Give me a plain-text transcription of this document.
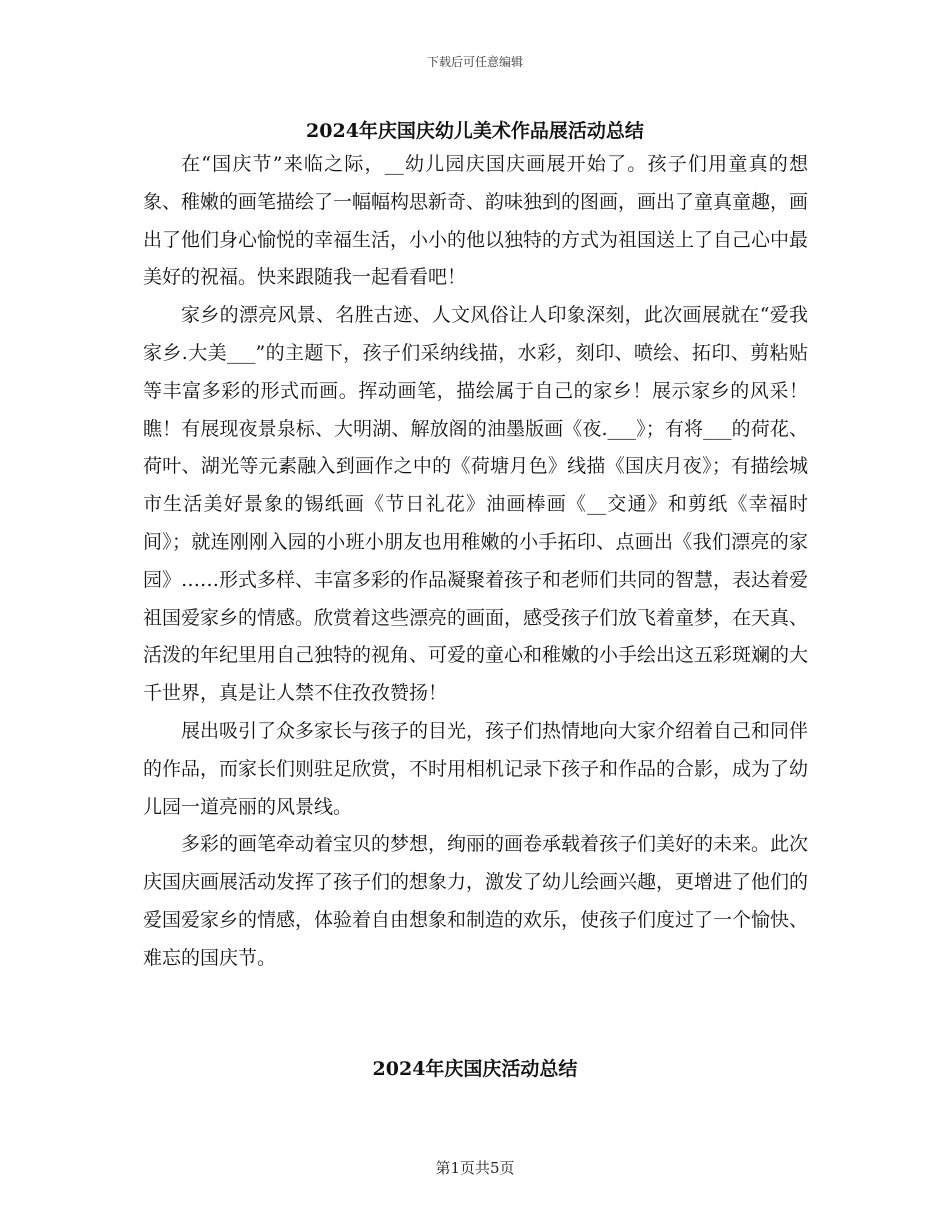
下载后可任意编辑
2024年庆国庆幼儿美术作品展活动总结

在“国庆节”来临之际，__幼儿园庆国庆画展开始了。孩子们用童真的想象、稚嫩的画笔描绘了一幅幅构思新奇、韵味独到的图画，画出了童真童趣，画出了他们身心愉悦的幸福生活，小小的他以独特的方式为祖国送上了自己心中最美好的祝福。快来跟随我一起看看吧！

家乡的漂亮风景、名胜古迹、人文风俗让人印象深刻，此次画展就在“爱我家乡.大美___”的主题下，孩子们采纳线描，水彩，刻印、喷绘、拓印、剪粘贴等丰富多彩的形式而画。挥动画笔，描绘属于自己的家乡！展示家乡的风采！瞧！有展现夜景泉标、大明湖、解放阁的油墨版画《夜.___》；有将___的荷花、荷叶、湖光等元素融入到画作之中的《荷塘月色》线描《国庆月夜》；有描绘城市生活美好景象的锡纸画《节日礼花》油画棒画《__交通》和剪纸《幸福时间》；就连刚刚入园的小班小朋友也用稚嫩的小手拓印、点画出《我们漂亮的家园》……形式多样、丰富多彩的作品凝聚着孩子和老师们共同的智慧，表达着爱祖国爱家乡的情感。欣赏着这些漂亮的画面，感受孩子们放飞着童梦，在天真、活泼的年纪里用自己独特的视角、可爱的童心和稚嫩的小手绘出这五彩斑斓的大千世界，真是让人禁不住孜孜赞扬！

展出吸引了众多家长与孩子的目光，孩子们热情地向大家介绍着自己和同伴的作品，而家长们则驻足欣赏，不时用相机记录下孩子和作品的合影，成为了幼儿园一道亮丽的风景线。

多彩的画笔牵动着宝贝的梦想，绚丽的画卷承载着孩子们美好的未来。此次庆国庆画展活动发挥了孩子们的想象力，激发了幼儿绘画兴趣，更增进了他们的爱国爱家乡的情感，体验着自由想象和制造的欢乐，使孩子们度过了一个愉快、难忘的国庆节。

2024年庆国庆活动总结
第1页共5页
